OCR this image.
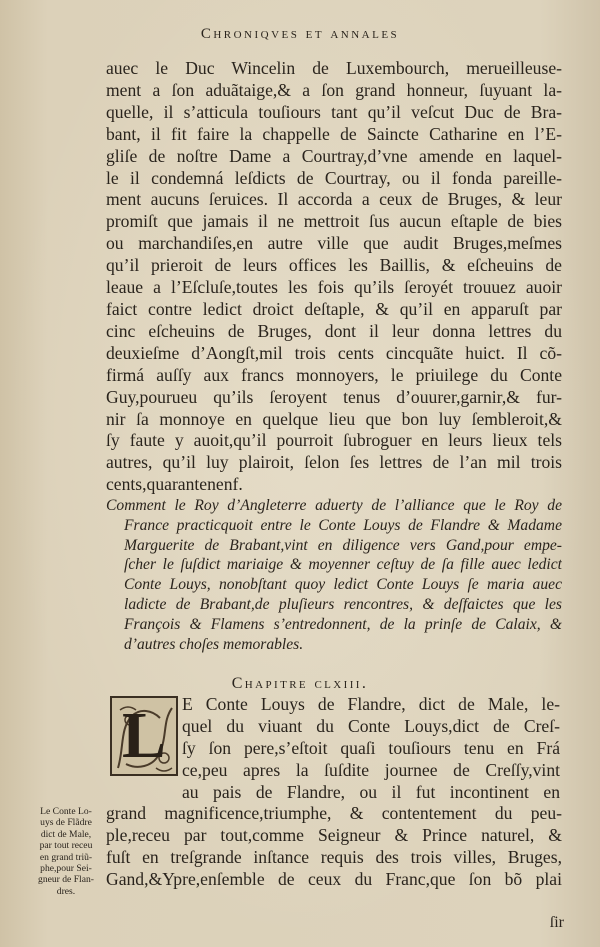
Chroniqves et annales
auec le Duc Wincelin de Luxembourch, merueilleuse-
ment a ſon aduãtaige,& a ſon grand honneur, ſuyuant la-
quelle, il s’atticula touſiours tant qu’il veſcut Duc de Bra-
bant, il fit faire la chappelle de Saincte Catharine en l’E-
gliſe de noſtre Dame a Courtray,d’vne amende en laquel-
le il condemná leſdicts de Courtray, ou il fonda pareille-
ment aucuns ſeruices. Il accorda a ceux de Bruges, & leur
promiſt que jamais il ne mettroit ſus aucun eſtaple de bies
ou marchandiſes,en autre ville que audit Bruges,meſmes
qu’il prieroit de leurs offices les Baillis, & eſcheuins de
leaue a l’Eſcluſe,toutes les fois qu’ils ſeroyét trouuez auoir
faict contre ledict droict deſtaple, & qu’il en apparuſt par
cinc eſcheuins de Bruges, dont il leur donna lettres du
deuxieſme d’Aongſt,mil trois cents cincquãte huict. Il cõ-
firmá auſſy aux francs monnoyers, le priuilege du Conte
Guy,pourueu qu’ils ſeroyent tenus d’ouurer,garnir,& fur-
nir ſa monnoye en quelque lieu que bon luy ſembleroit,&
ſy faute y auoit,qu’il pourroit ſubroguer en leurs lieux tels
autres, qu’il luy plairoit, ſelon ſes lettres de l’an mil trois
cents,quarantenenf.
Comment le Roy d’Angleterre aduerty de l’alliance que le Roy de
France practicquoit entre le Conte Louys de Flandre & Madame
Marguerite de Brabant,vint en diligence vers Gand,pour empe-
ſcher le ſuſdict mariaige & moyenner ceſtuy de ſa fille auec ledict
Conte Louys, nonobſtant quoy ledict Conte Louys ſe maria auec
ladicte de Brabant,de pluſieurs rencontres, & deſfaictes que les
François & Flamens s’entredonnent, de la prinſe de Calaix, &
d’autres choſes memorables.
Chapitre clxiii.
L E Conte Louys de Flandre, dict de Male, le-
quel du viuant du Conte Louys,dict de Creſ-
ſy ſon pere,s’eſtoit quaſi touſiours tenu en Frá
ce,peu apres la ſuſdite journee de Creſſy,vint
au pais de Flandre, ou il fut incontinent en
grand magnificence,triumphe, & contentement du peu-
ple,receu par tout,comme Seigneur & Prince naturel, &
fuſt en treſgrande inſtance requis des trois villes, Bruges,
Gand,&Ypre,enſemble de ceux du Franc,que ſon bõ plai
Le Conte Lo-
uys de Flãdre
dict de Male,
par tout receu
en grand triũ-
phe,pour Sei-
gneur de Flan-
dres.
ſir
